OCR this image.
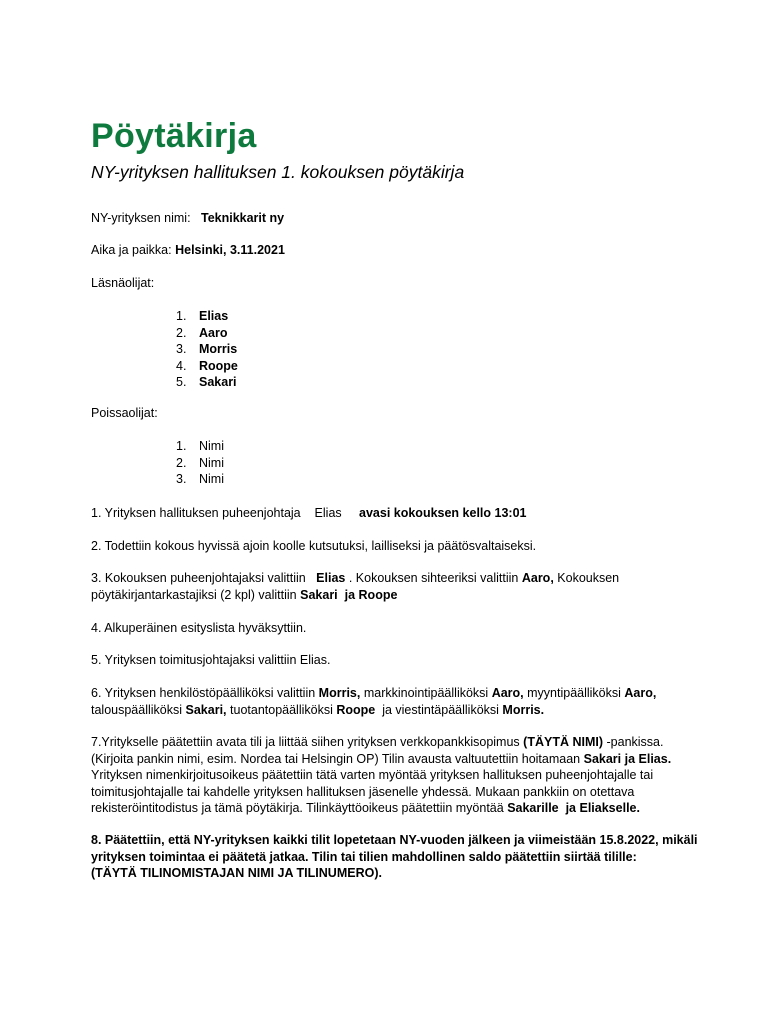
Pöytäkirja
NY-yrityksen hallituksen 1. kokouksen pöytäkirja
NY-yrityksen nimi: Teknikkarit ny
Aika ja paikka: Helsinki, 3.11.2021
Läsnäolijat:
1.	Elias
2.	Aaro
3.	Morris
4.	Roope
5.	Sakari
Poissaolijat:
1.	Nimi
2.	Nimi
3.	Nimi
1. Yrityksen hallituksen puheenjohtaja Elias avasi kokouksen kello 13:01
2. Todettiin kokous hyvissä ajoin koolle kutsutuksi, lailliseksi ja päätösvaltaiseksi.
3. Kokouksen puheenjohtajaksi valittiin Elias . Kokouksen sihteeriksi valittiin Aaro, Kokouksen
pöytäkirjantarkastajiksi (2 kpl) valittiin Sakari ja Roope
4. Alkuperäinen esityslista hyväksyttiin.
5. Yrityksen toimitusjohtajaksi valittiin Elias.
6. Yrityksen henkilöstöpäälliköksi valittiin Morris, markkinointipäälliköksi Aaro, myyntipäälliköksi Aaro,
talouspäälliköksi Sakari, tuotantopäälliköksi Roope ja viestintäpäälliköksi Morris.
7.Yritykselle päätettiin avata tili ja liittää siihen yrityksen verkkopankkisopimus (TÄYTÄ NIMI) -pankissa.
(Kirjoita pankin nimi, esim. Nordea tai Helsingin OP) Tilin avausta valtuutettiin hoitamaan Sakari ja Elias.
Yrityksen nimenkirjoitusoikeus päätettiin tätä varten myöntää yrityksen hallituksen puheenjohtajalle tai
toimitusjohtajalle tai kahdelle yrityksen hallituksen jäsenelle yhdessä. Mukaan pankkiin on otettava
rekisteröintitodistus ja tämä pöytäkirja. Tilinkäyttöoikeus päätettiin myöntää Sakarille ja Eliakselle.
8. Päätettiin, että NY-yrityksen kaikki tilit lopetetaan NY-vuoden jälkeen ja viimeistään 15.8.2022, mikäli
yrityksen toimintaa ei päätetä jatkaa. Tilin tai tilien mahdollinen saldo päätettiin siirtää tilille:
(TÄYTÄ TILINOMISTAJAN NIMI JA TILINUMERO).
